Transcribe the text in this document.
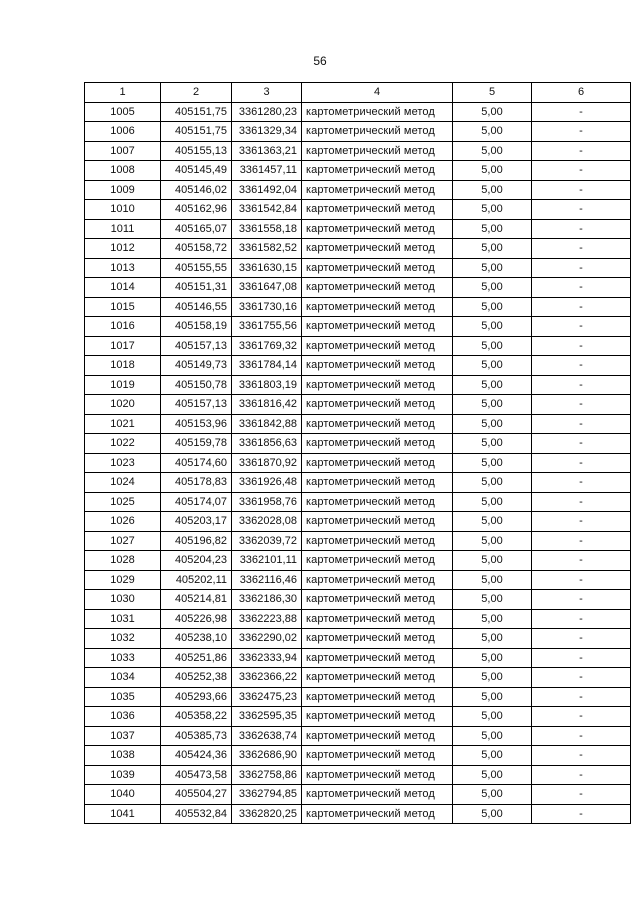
56
1	2	3	4	5	6
1005	405151,75	3361280,23	картометрический метод	5,00	-
1006	405151,75	3361329,34	картометрический метод	5,00	-
1007	405155,13	3361363,21	картометрический метод	5,00	-
1008	405145,49	3361457,11	картометрический метод	5,00	-
1009	405146,02	3361492,04	картометрический метод	5,00	-
1010	405162,96	3361542,84	картометрический метод	5,00	-
1011	405165,07	3361558,18	картометрический метод	5,00	-
1012	405158,72	3361582,52	картометрический метод	5,00	-
1013	405155,55	3361630,15	картометрический метод	5,00	-
1014	405151,31	3361647,08	картометрический метод	5,00	-
1015	405146,55	3361730,16	картометрический метод	5,00	-
1016	405158,19	3361755,56	картометрический метод	5,00	-
1017	405157,13	3361769,32	картометрический метод	5,00	-
1018	405149,73	3361784,14	картометрический метод	5,00	-
1019	405150,78	3361803,19	картометрический метод	5,00	-
1020	405157,13	3361816,42	картометрический метод	5,00	-
1021	405153,96	3361842,88	картометрический метод	5,00	-
1022	405159,78	3361856,63	картометрический метод	5,00	-
1023	405174,60	3361870,92	картометрический метод	5,00	-
1024	405178,83	3361926,48	картометрический метод	5,00	-
1025	405174,07	3361958,76	картометрический метод	5,00	-
1026	405203,17	3362028,08	картометрический метод	5,00	-
1027	405196,82	3362039,72	картометрический метод	5,00	-
1028	405204,23	3362101,11	картометрический метод	5,00	-
1029	405202,11	3362116,46	картометрический метод	5,00	-
1030	405214,81	3362186,30	картометрический метод	5,00	-
1031	405226,98	3362223,88	картометрический метод	5,00	-
1032	405238,10	3362290,02	картометрический метод	5,00	-
1033	405251,86	3362333,94	картометрический метод	5,00	-
1034	405252,38	3362366,22	картометрический метод	5,00	-
1035	405293,66	3362475,23	картометрический метод	5,00	-
1036	405358,22	3362595,35	картометрический метод	5,00	-
1037	405385,73	3362638,74	картометрический метод	5,00	-
1038	405424,36	3362686,90	картометрический метод	5,00	-
1039	405473,58	3362758,86	картометрический метод	5,00	-
1040	405504,27	3362794,85	картометрический метод	5,00	-
1041	405532,84	3362820,25	картометрический метод	5,00	-
